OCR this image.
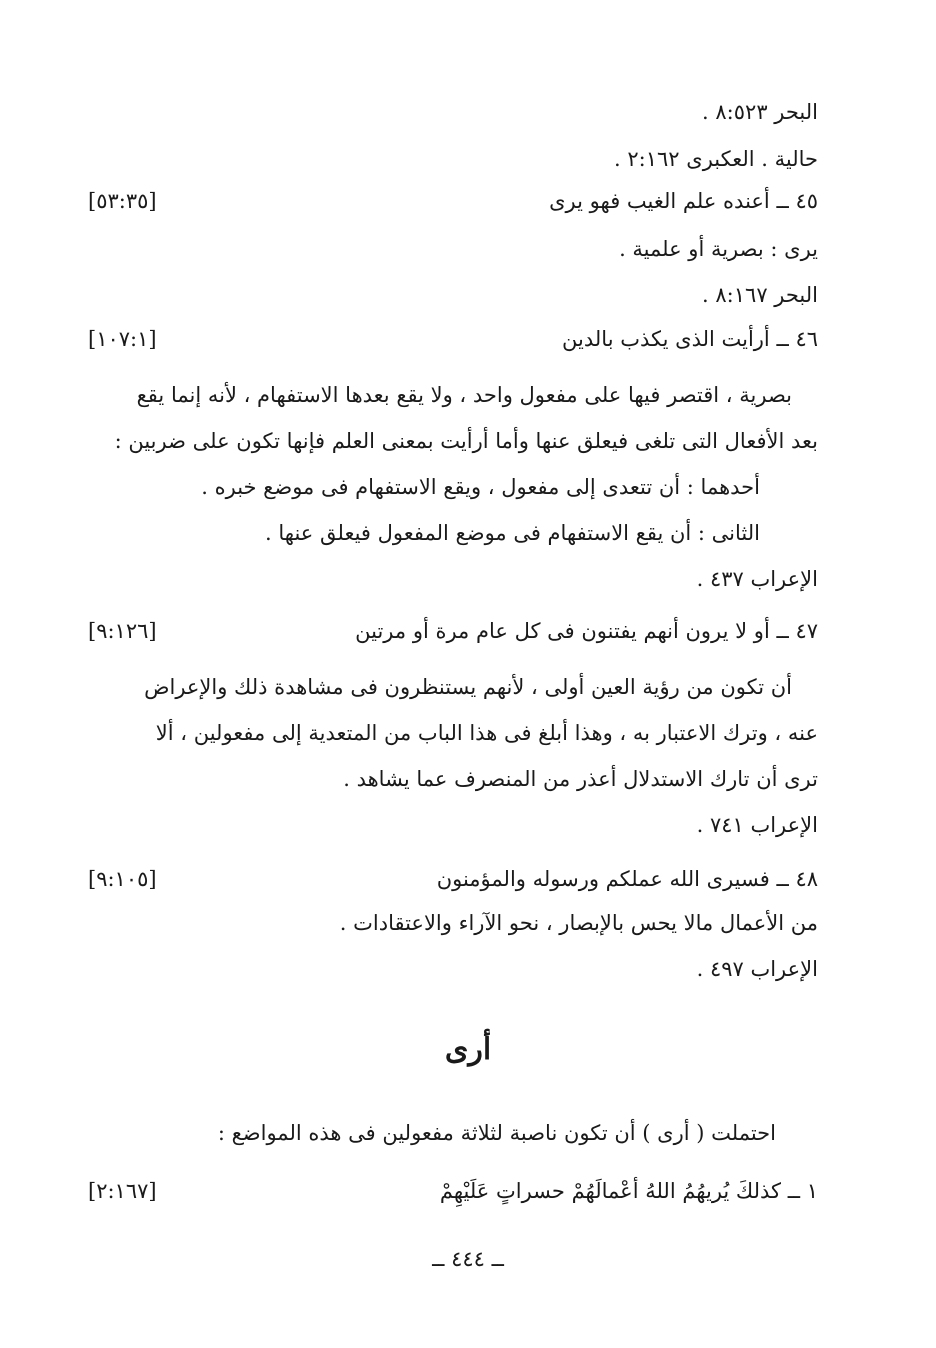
البحر ٨:٥٢٣ .
حالية . العكبرى ٢:١٦٢ .
٤٥ ــ أعنده علم الغيب فهو يرى
[٥٣:٣٥]
يرى : بصرية أو علمية .
البحر ٨:١٦٧ .
٤٦ ــ أرأيت الذى يكذب بالدين
[١٠٧:١]

بصرية ، اقتصر فيها على مفعول واحد ، ولا يقع بعدها الاستفهام ، لأنه إنما يقع

بعد الأفعال التى تلغى فيعلق عنها وأما أرأيت بمعنى العلم فإنها تكون على ضربين :

أحدهما : أن تتعدى إلى مفعول ، ويقع الاستفهام فى موضع خبره .

الثانى : أن يقع الاستفهام فى موضع المفعول فيعلق عنها .

الإعراب ٤٣٧ .

٤٧ ــ أو لا يرون أنهم يفتنون فى كل عام مرة أو مرتين
[٩:١٢٦]

أن تكون من رؤية العين أولى ، لأنهم يستنظرون فى مشاهدة ذلك والإعراض

عنه ، وترك الاعتبار به ، وهذا أبلغ فى هذا الباب من المتعدية إلى مفعولين ، ألا

ترى أن تارك الاستدلال أعذر من المنصرف عما يشاهد .

الإعراب ٧٤١ .

٤٨ ــ فسيرى الله عملكم ورسوله والمؤمنون
[٩:١٠٥]
من الأعمال مالا يحس بالإبصار ، نحو الآراء والاعتقادات .
الإعراب ٤٩٧ .
أرى
احتملت ( أرى ) أن تكون ناصبة لثلاثة مفعولين فى هذه المواضع :
١ ــ كذلكَ يُريهُمُ اللهُ أعْمالَهُمْ حسراتٍ عَلَيْهِمْ
[٢:١٦٧]
ــ ٤٤٤ ــ
